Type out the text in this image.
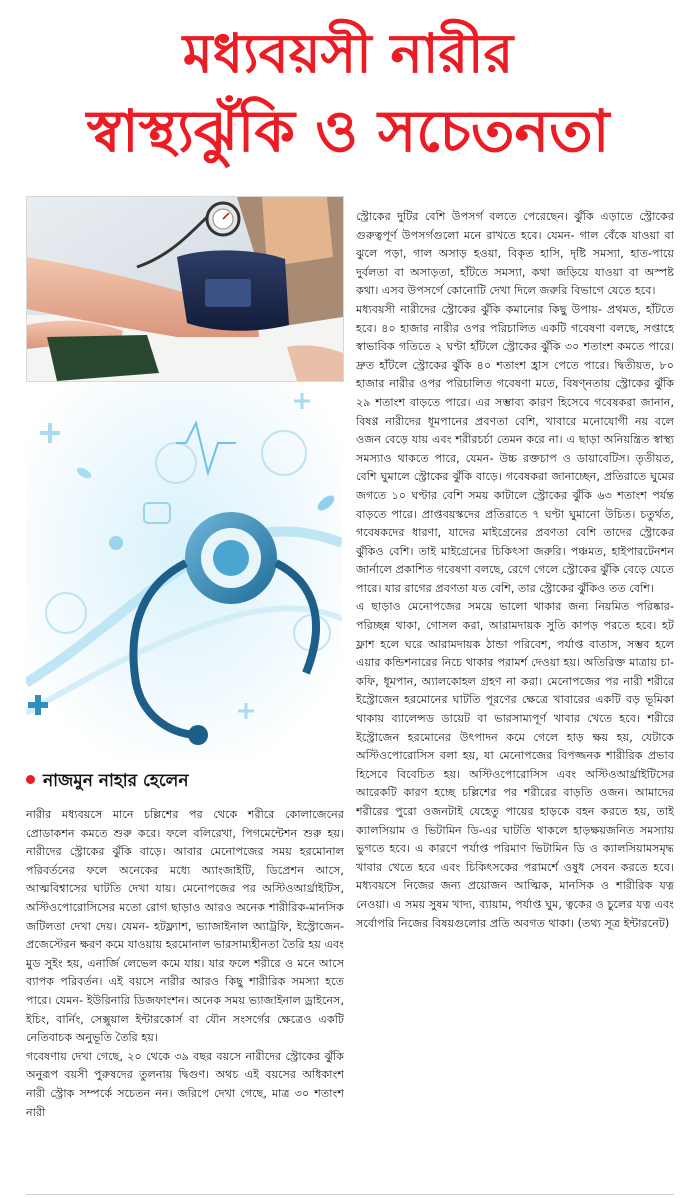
মধ্যবয়সী নারীর
স্বাস্থ্যঝুঁকি ও সচেতনতা
নাজমুন নাহার হেলেন

নারীর মধ্যবয়সে মানে চল্লিশের পর থেকে শরীরে কোলাজেনের প্রোডাকশন কমতে শুরু করে। ফলে বলিরেখা, পিগমেন্টেশন শুরু হয়। নারীদের স্ট্রোকের ঝুঁকি বাড়ে। আবার মেনোপজের সময় হরমোনাল পরিবর্তনের ফলে অনেকের মধ্যে অ্যাংজাইটি, ডিপ্রেশন আসে, আত্মবিশ্বাসের ঘাটতি দেখা যায়। মেনোপজের পর অস্টিওআর্থ্রাইটিস, অস্টিওপোরোসিসের মতো রোগ ছাড়াও আরও অনেক শারীরিক-মানসিক জটিলতা দেখা দেয়। যেমন- হটফ্ল্যাশ, ভ্যাজাইনাল অ্যাট্রফি, ইস্ট্রোজেন-প্রজেস্টেরন ক্ষরণ কমে যাওয়ায় হরমোনাল ভারসাম্যহীনতা তৈরি হয় এবং মুড সুইং হয়, এনার্জি লেভেল কমে যায়। যার ফলে শরীরে ও মনে আসে ব্যাপক পরিবর্তন। এই বয়সে নারীর আরও কিছু শারীরিক সমস্যা হতে পারে। যেমন- ইউরিনারি ডিজফাংশন। অনেক সময় ভ্যাজাইনাল ড্রাইনেস, ইচিং, বার্নিং, সেক্সুয়াল ইন্টারকোর্স বা যৌন সংসর্গের ক্ষেত্রেও একটি নেতিবাচক অনুভূতি তৈরি হয়।

গবেষণায় দেখা গেছে, ২০ থেকে ৩৯ বছর বয়সে নারীদের স্ট্রোকের ঝুঁকি অনুরূপ বয়সী পুরুষদের তুলনায় দ্বিগুণ। অথচ এই বয়সের অধিকাংশ নারী স্ট্রোক সম্পর্কে সচেতন নন। জরিপে দেখা গেছে, মাত্র ৩০ শতাংশ নারী

স্ট্রোকের দুটির বেশি উপসর্গ বলতে পেরেছেন। ঝুঁকি এড়াতে স্ট্রোকের গুরুত্বপূর্ণ উপসর্গগুলো মনে রাখতে হবে। যেমন- গাল বেঁকে যাওয়া বা ঝুলে পড়া, গাল অসাড় হওয়া, বিকৃত হাসি, দৃষ্টি সমস্যা, হাত-পায়ে দুর্বলতা বা অসাড়তা, হাঁটতে সমস্যা, কথা জড়িয়ে যাওয়া বা অস্পষ্ট কথা। এসব উপসর্গে কোনোটি দেখা দিলে জরুরি বিভাগে যেতে হবে।

মধ্যবয়সী নারীদের স্ট্রোকের ঝুঁকি কমানোর কিছু উপায়- প্রথমত, হাঁটতে হবে। ৪০ হাজার নারীর ওপর পরিচালিত একটি গবেষণা বলছে, সপ্তাহে স্বাভাবিক গতিতে ২ ঘণ্টা হাঁটলে স্ট্রোকের ঝুঁকি ৩০ শতাংশ কমতে পারে। দ্রুত হাঁটলে স্ট্রোকের ঝুঁকি ৪০ শতাংশ হ্রাস পেতে পারে। দ্বিতীয়ত, ৮০ হাজার নারীর ওপর পরিচালিত গবেষণা মতে, বিষণ্নতায় স্ট্রোকের ঝুঁকি ২৯ শতাংশ বাড়তে পারে। এর সম্ভাব্য কারণ হিসেবে গবেষকরা জানান, বিষণ্ণ নারীদের ধূমপানের প্রবণতা বেশি, খাবারে মনোযোগী নয় বলে ওজন বেড়ে যায় এবং শরীরচর্চা তেমন করে না। এ ছাড়া অনিয়ন্ত্রিত স্বাস্থ্য সমস্যাও থাকতে পারে, যেমন- উচ্চ রক্তচাপ ও ডায়াবেটিস। তৃতীয়ত, বেশি ঘুমালে স্ট্রোকের ঝুঁকি বাড়ে। গবেষকরা জানাচ্ছেন, প্রতিরাতে ঘুমের জগতে ১০ ঘণ্টার বেশি সময় কাটালে স্ট্রোকের ঝুঁকি ৬৩ শতাংশ পর্যন্ত বাড়তে পারে। প্রাপ্তবয়স্কদের প্রতিরাতে ৭ ঘণ্টা ঘুমানো উচিত। চতুর্থত, গবেষকদের ধারণা, যাদের মাইগ্রেনের প্রবণতা বেশি তাদের স্ট্রোকের ঝুঁকিও বেশি। তাই মাইগ্রেনের চিকিৎসা জরুরি। পঞ্চমত, হাইপারটেনশন জার্নালে প্রকাশিত গবেষণা বলছে, রেগে গেলে স্ট্রোকের ঝুঁকি বেড়ে যেতে পারে। যার রাগের প্রবণতা যত বেশি, তার স্ট্রোকের ঝুঁকিও তত বেশি।

এ ছাড়াও মেনোপজের সময়ে ভালো থাকার জন্য নিয়মিত পরিষ্কার-পরিচ্ছন্ন থাকা, গোসল করা, আরামদায়ক সুতি কাপড় পরতে হবে। হট ফ্লাশ হলে ঘরে আরামদায়ক ঠান্ডা পরিবেশ, পর্যাপ্ত বাতাস, সম্ভব হলে এয়ার কন্ডিশনারের নিচে থাকার পরামর্শ দেওয়া হয়। অতিরিক্ত মাত্রায় চা-কফি, ধূমপান, অ্যালকোহল গ্রহণ না করা। মেনোপজের পর নারী শরীরে ইস্ট্রোজেন হরমোনের ঘাটতি পূরণের ক্ষেত্রে খাবারের একটি বড় ভূমিকা থাকায় ব্যালেন্সড ডায়েট বা ভারসাম্যপূর্ণ খাবার খেতে হবে। শরীরে ইস্ট্রোজেন হরমোনের উৎপাদন কমে গেলে হাড় ক্ষয় হয়, যেটাকে অস্টিওপোরোসিস বলা হয়, যা মেনোপজের বিপজ্জনক শারীরিক প্রভাব হিসেবে বিবেচিত হয়। অস্টিওপোরোসিস এবং অস্টিওআর্থ্রাইটিসের আরেকটি কারণ হচ্ছে চল্লিশের পর শরীরের বাড়তি ওজন। আমাদের শরীরের পুরো ওজনটাই যেহেতু পায়ের হাড়কে বহন করতে হয়, তাই ক্যালসিয়াম ও ভিটামিন ডি-এর ঘাটতি থাকলে হাড়ক্ষয়জনিত সমস্যায় ভুগতে হবে। এ কারণে পর্যাপ্ত পরিমাণ ভিটামিন ডি ও ক্যালসিয়ামসমৃদ্ধ খাবার খেতে হবে এবং চিকিৎসকের পরামর্শে ওষুধ সেবন করতে হবে। মধ্যবয়সে নিজের জন্য প্রয়োজন আত্মিক, মানসিক ও শারীরিক যত্ন নেওয়া। এ সময় সুষম খাদ্য, ব্যায়াম, পর্যাপ্ত ঘুম, ত্বকের ও চুলের যত্ন এবং সর্বোপরি নিজের বিষয়গুলোর প্রতি অবগত থাকা। (তথ্য সূত্র ইন্টারনেট)
